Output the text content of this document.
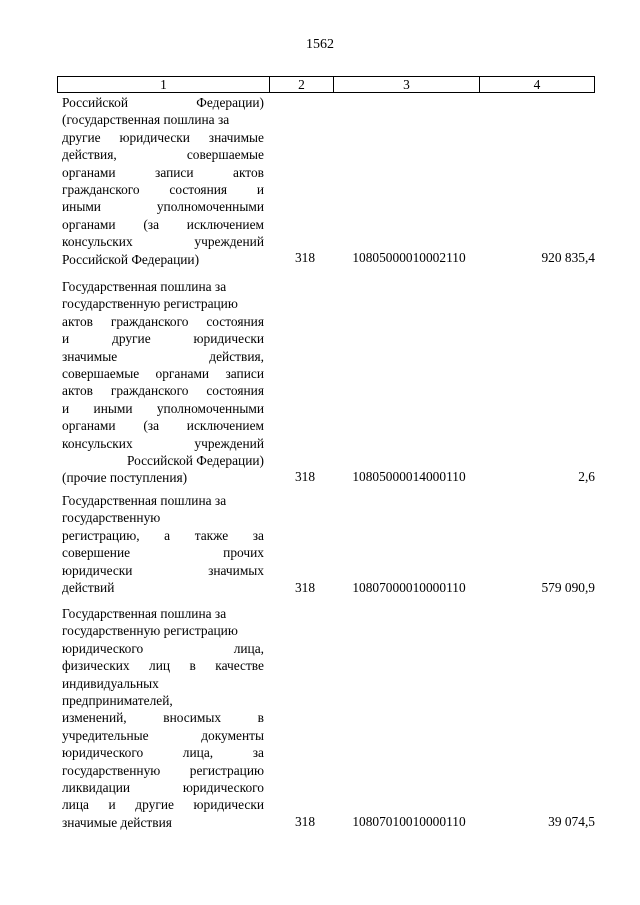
1562
1	2	3	4
Российской Федерации)
(государственная пошлина за
другие юридически значимые
действия, совершаемые
органами записи актов
гражданского состояния и
иными уполномоченными
органами (за исключением
консульских учреждений
Российской Федерации)	318	10805000010002110	920 835,4
Государственная пошлина за
государственную регистрацию
актов гражданского состояния
и другие юридически
значимые действия,
совершаемые органами записи
актов гражданского состояния
и иными уполномоченными
органами (за исключением
консульских учреждений
Российской Федерации)
(прочие поступления)	318	10805000014000110	2,6
Государственная пошлина за
государственную
регистрацию, а также за
совершение прочих
юридически значимых
действий	318	10807000010000110	579 090,9
Государственная пошлина за
государственную регистрацию
юридического лица,
физических лиц в качестве
индивидуальных
предпринимателей,
изменений, вносимых в
учредительные документы
юридического лица, за
государственную регистрацию
ликвидации юридического
лица и другие юридически
значимые действия	318	10807010010000110	39 074,5
